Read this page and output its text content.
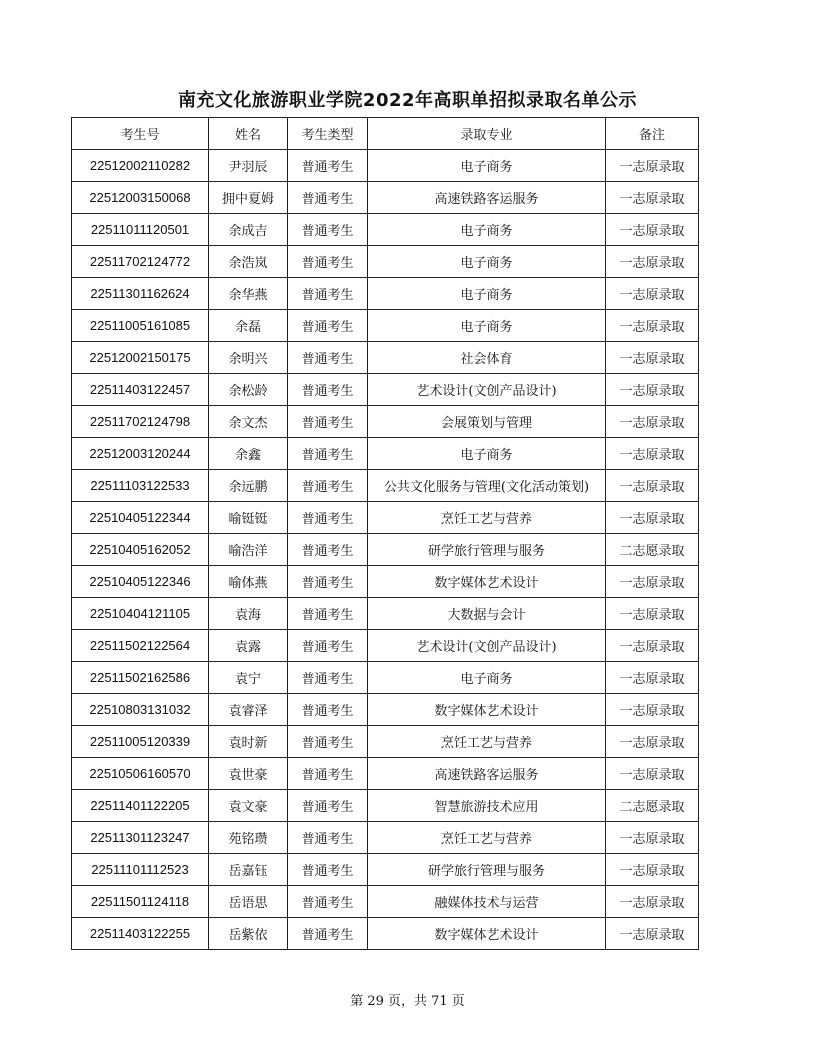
南充文化旅游职业学院2022年高职单招拟录取名单公示
考生号	姓名	考生类型	录取专业	备注
22512002110282	尹羽辰	普通考生	电子商务	一志原录取
22512003150068	拥中夏姆	普通考生	高速铁路客运服务	一志原录取
22511011120501	余成吉	普通考生	电子商务	一志原录取
22511702124772	余浩岚	普通考生	电子商务	一志原录取
22511301162624	余华燕	普通考生	电子商务	一志原录取
22511005161085	余磊	普通考生	电子商务	一志原录取
22512002150175	余明兴	普通考生	社会体育	一志原录取
22511403122457	余松龄	普通考生	艺术设计(文创产品设计)	一志原录取
22511702124798	余文杰	普通考生	会展策划与管理	一志原录取
22512003120244	余鑫	普通考生	电子商务	一志原录取
22511103122533	余远鹏	普通考生	公共文化服务与管理(文化活动策划)	一志原录取
22510405122344	喻铤铤	普通考生	烹饪工艺与营养	一志原录取
22510405162052	喻浩洋	普通考生	研学旅行管理与服务	二志愿录取
22510405122346	喻体燕	普通考生	数字媒体艺术设计	一志原录取
22510404121105	袁海	普通考生	大数据与会计	一志原录取
22511502122564	袁露	普通考生	艺术设计(文创产品设计)	一志原录取
22511502162586	袁宁	普通考生	电子商务	一志原录取
22510803131032	袁睿泽	普通考生	数字媒体艺术设计	一志原录取
22511005120339	袁时新	普通考生	烹饪工艺与营养	一志原录取
22510506160570	袁世豪	普通考生	高速铁路客运服务	一志原录取
22511401122205	袁文豪	普通考生	智慧旅游技术应用	二志愿录取
22511301123247	苑铭瓒	普通考生	烹饪工艺与营养	一志原录取
22511101112523	岳嘉钰	普通考生	研学旅行管理与服务	一志原录取
22511501124118	岳语思	普通考生	融媒体技术与运营	一志原录取
22511403122255	岳紫依	普通考生	数字媒体艺术设计	一志原录取
第 29 页，共 71 页
